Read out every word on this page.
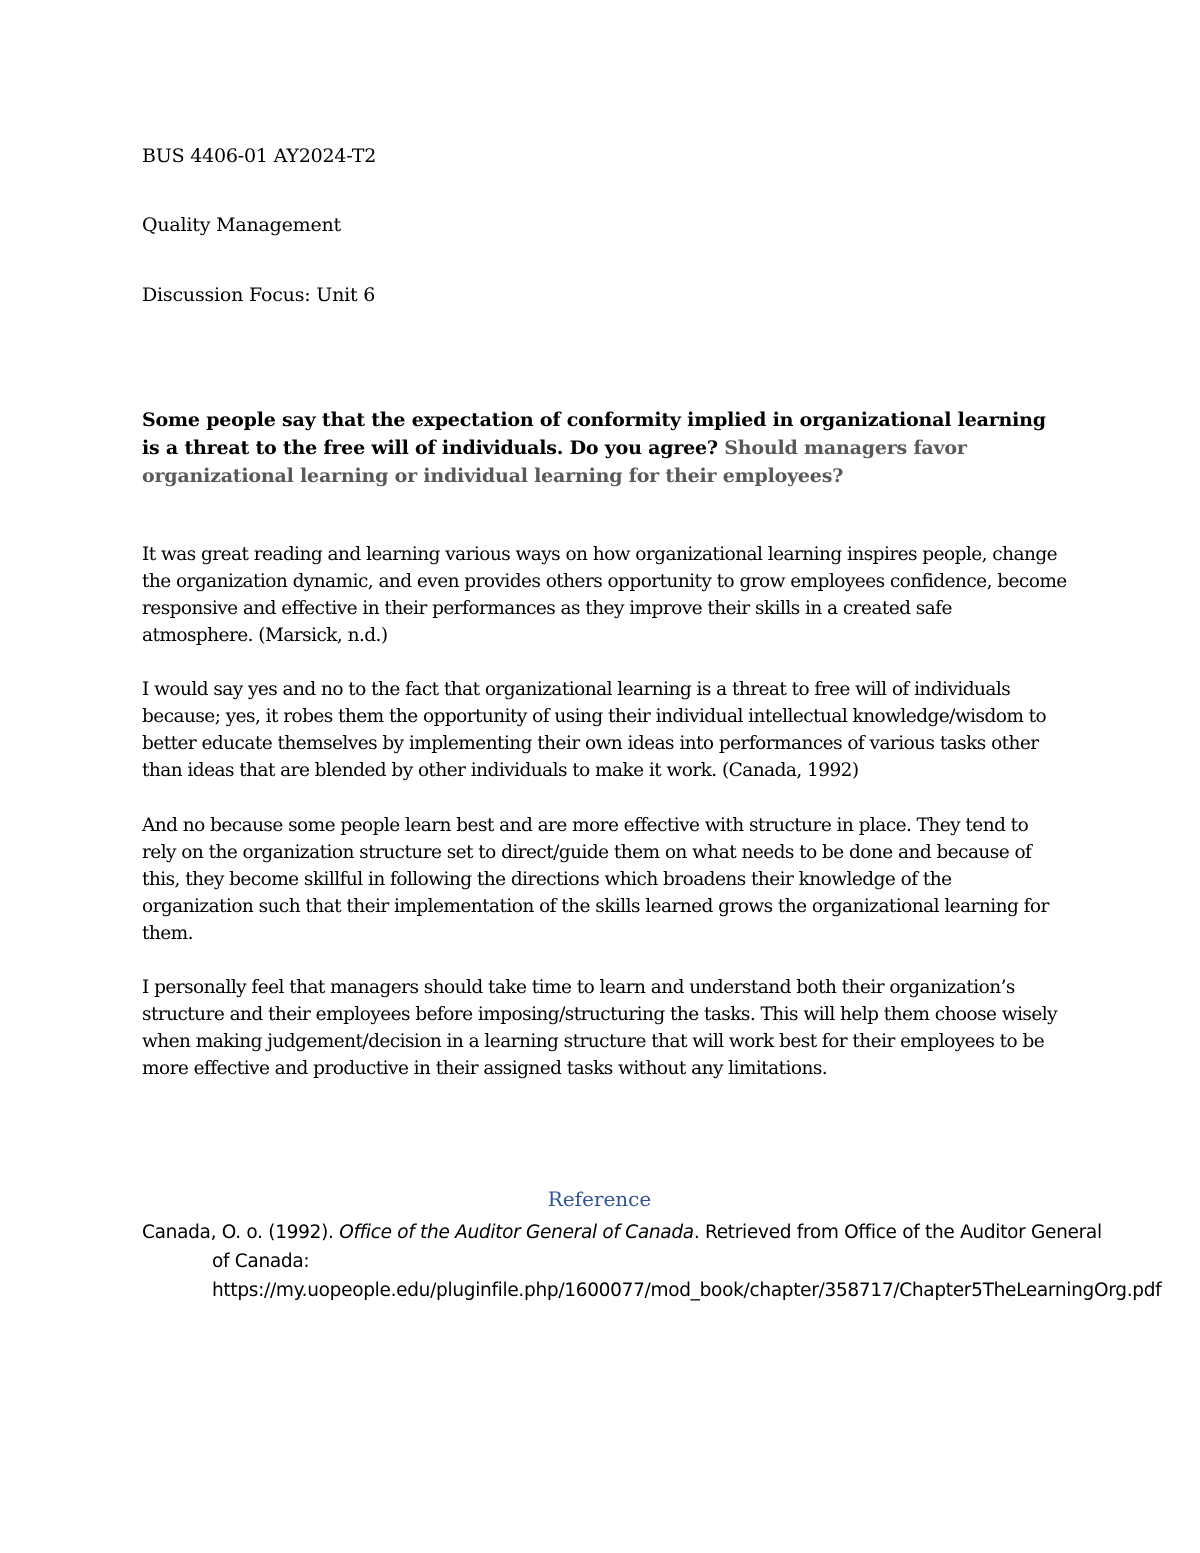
BUS 4406-01 AY2024-T2

Quality Management

Discussion Focus: Unit 6

Some people say that the expectation of conformity implied in organizational learning is a threat to the free will of individuals. Do you agree? Should managers favor organizational learning or individual learning for their employees?

It was great reading and learning various ways on how organizational learning inspires people, change the organization dynamic, and even provides others opportunity to grow employees confidence, become responsive and effective in their performances as they improve their skills in a created safe atmosphere. (Marsick, n.d.)

I would say yes and no to the fact that organizational learning is a threat to free will of individuals because; yes, it robes them the opportunity of using their individual intellectual knowledge/wisdom to better educate themselves by implementing their own ideas into performances of various tasks other than ideas that are blended by other individuals to make it work. (Canada, 1992)

And no because some people learn best and are more effective with structure in place. They tend to rely on the organization structure set to direct/guide them on what needs to be done and because of this, they become skillful in following the directions which broadens their knowledge of the organization such that their implementation of the skills learned grows the organizational learning for them.

I personally feel that managers should take time to learn and understand both their organization’s structure and their employees before imposing/structuring the tasks. This will help them choose wisely when making judgement/decision in a learning structure that will work best for their employees to be more effective and productive in their assigned tasks without any limitations.

Reference

Canada, O. o. (1992). Office of the Auditor General of Canada. Retrieved from Office of the Auditor General of Canada: https://my.uopeople.edu/pluginfile.php/1600077/mod_book/chapter/358717/Chapter5TheLearningOrg.pdf
